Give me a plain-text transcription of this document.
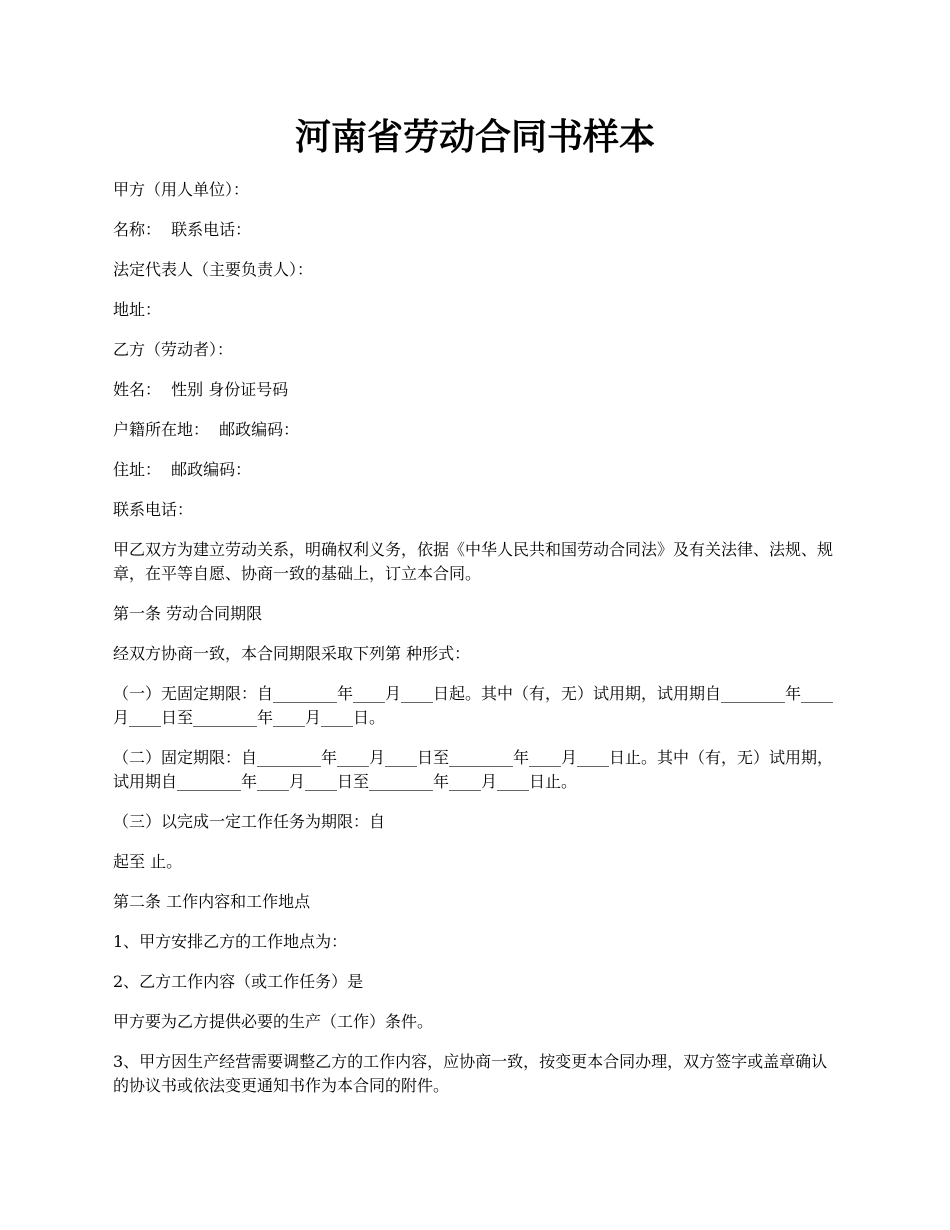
河南省劳动合同书样本

甲方（用人单位）：

名称：  联系电话：

法定代表人（主要负责人）：

地址：

乙方（劳动者）：

姓名：  性别 身份证号码

户籍所在地：  邮政编码：

住址：  邮政编码：

联系电话：

甲乙双方为建立劳动关系，明确权利义务，依据《中华人民共和国劳动合同法》及有关法律、法规、规章，在平等自愿、协商一致的基础上，订立本合同。

第一条 劳动合同期限

经双方协商一致，本合同期限采取下列第 种形式：

（一）无固定期限：自________年____月____日起。其中（有，无）试用期，试用期自________年____月____日至________年____月____日。

（二）固定期限：自________年____月____日至________年____月____日止。其中（有，无）试用期，试用期自________年____月____日至________年____月____日止。

（三）以完成一定工作任务为期限：自

起至 止。

第二条 工作内容和工作地点

1、甲方安排乙方的工作地点为：

2、乙方工作内容（或工作任务）是

甲方要为乙方提供必要的生产（工作）条件。

3、甲方因生产经营需要调整乙方的工作内容，应协商一致，按变更本合同办理，双方签字或盖章确认的协议书或依法变更通知书作为本合同的附件。
